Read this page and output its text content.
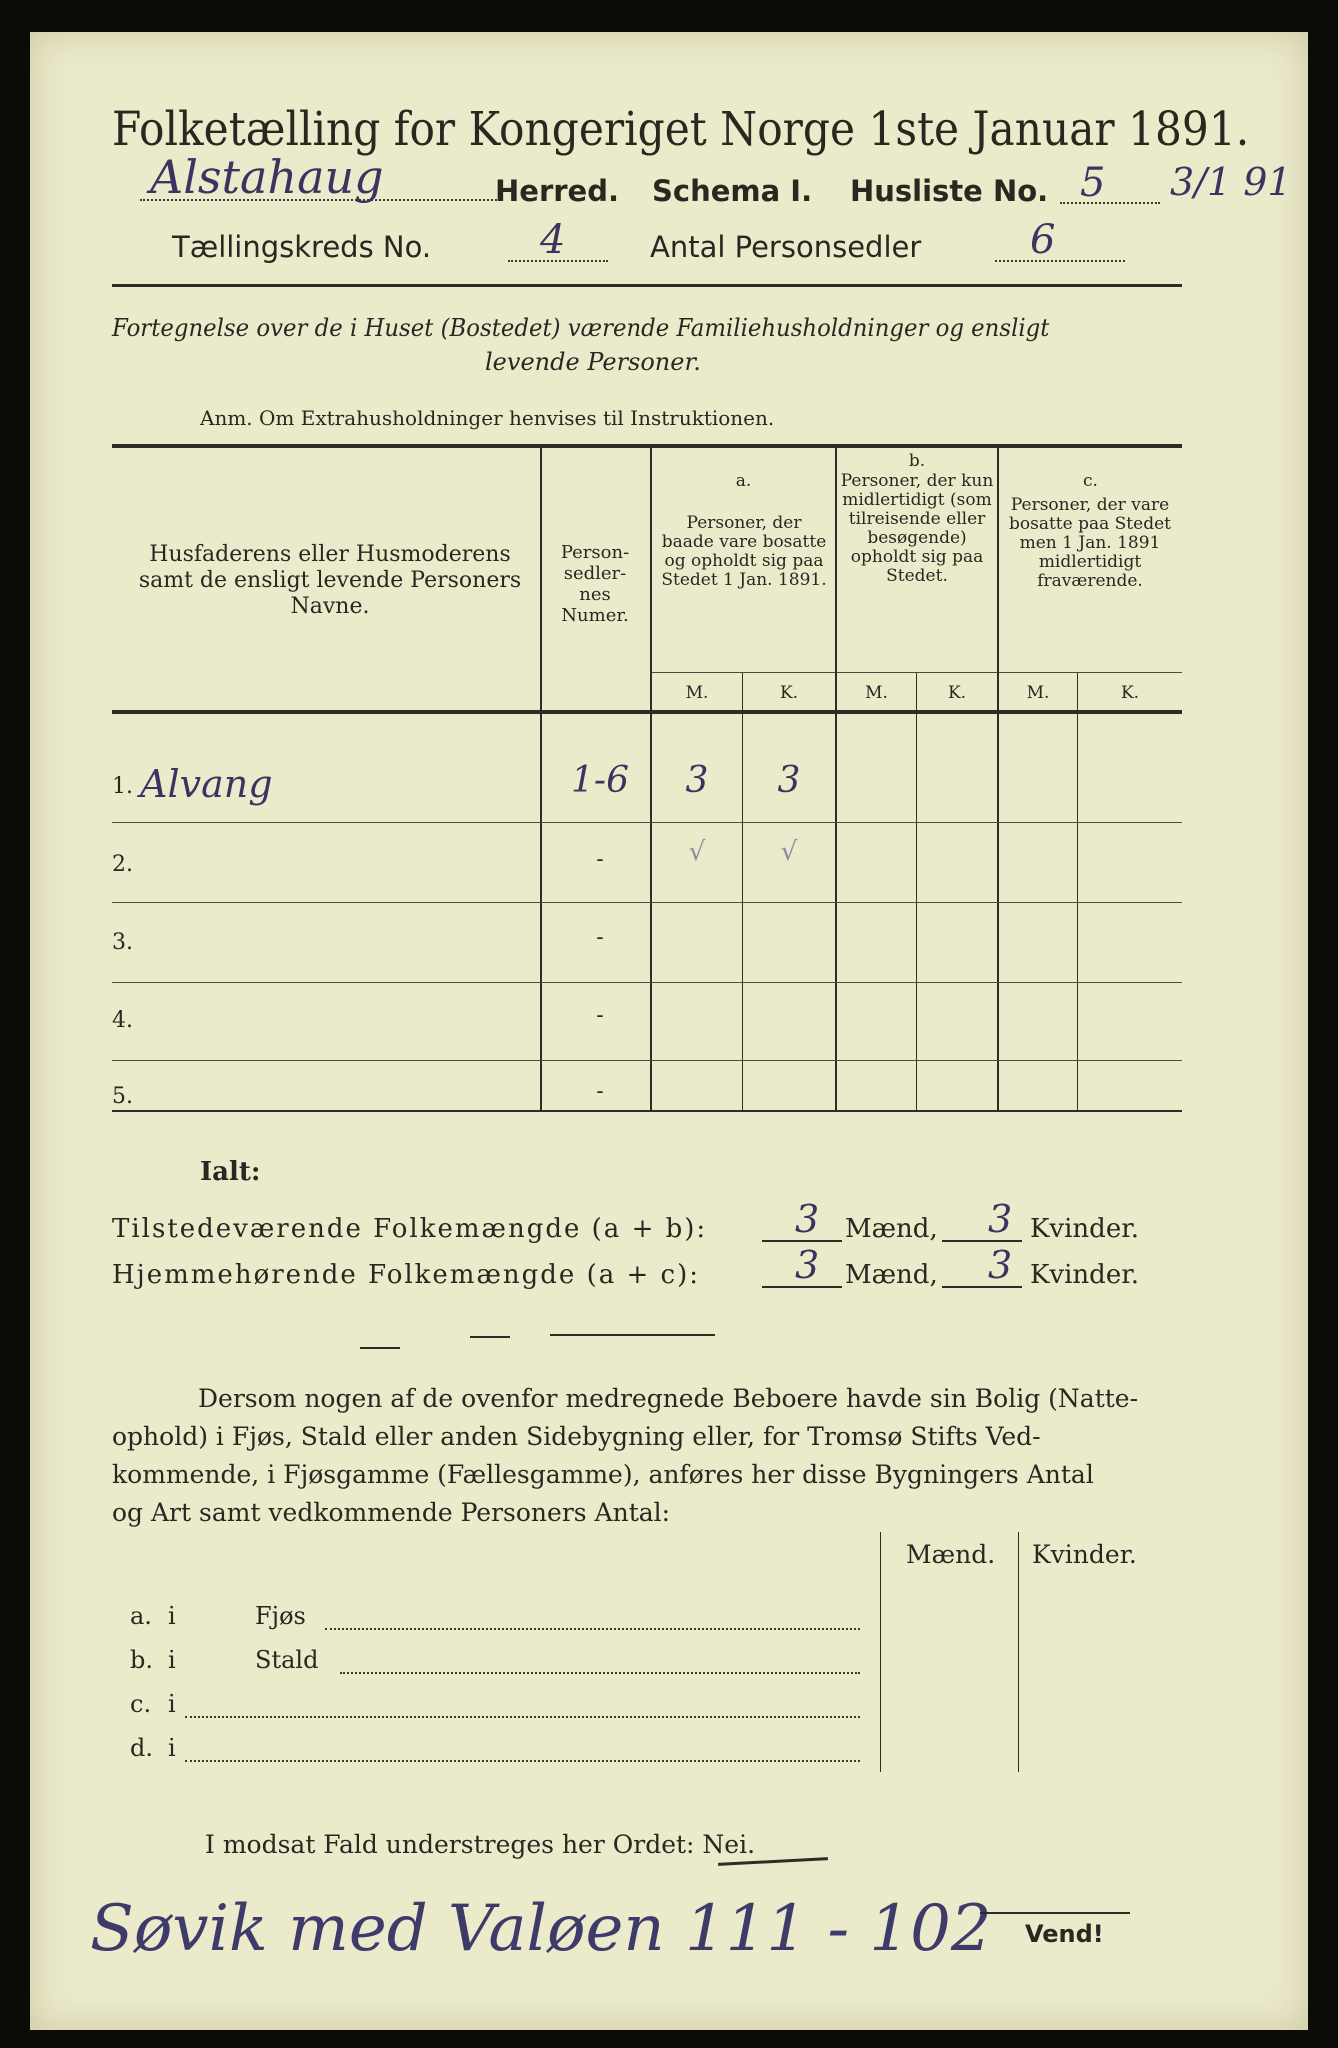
Folketælling for Kongeriget Norge 1ste Januar 1891.
Alstahaug	Herred. Schema I. Husliste No. 5 3/1 91
Tællingskreds No.	4	Antal Personsedler	6
Fortegnelse over de i Huset (Bostedet) værende Familiehusholdninger og ensligt
levende Personer.
Anm. Om Extrahusholdninger henvises til Instruktionen.
Husfaderens eller Husmoderens samt de ensligt levende Personers Navne.
Person-
sedler-
nes
Numer.
a.
Personer, der baade vare bosatte og opholdt sig paa Stedet 1 Jan. 1891.
b.
Personer, der kun midlertidigt (som tilreisende eller besøgende) opholdt sig paa Stedet.
c.
Personer, der vare bosatte paa Stedet men 1 Jan. 1891 midlertidigt fraværende.
M.	K.	M.	K.	M.	K.
1. Alvang	1-6	3	3
2.	-	√	√
3.	-
4.	-
5.	-
Ialt:
Tilstedeværende Folkemængde (a + b): 3 Mænd, 3 Kvinder.
Hjemmehørende Folkemængde (a + c):	3 Mænd, 3 Kvinder.
Dersom nogen af de ovenfor medregnede Beboere havde sin Bolig (Natte-
ophold) i Fjøs, Stald eller anden Sidebygning eller, for Tromsø Stifts Ved-
kommende, i Fjøsgamme (Fællesgamme), anføres her disse Bygningers Antal
og Art samt vedkommende Personers Antal:
Mænd. Kvinder.
a. i	Fjøs
b. i	Stald
c. i
d. i
I modsat Fald understreges her Ordet: Nei.
Søvik med Valøen 111 - 102 Vend!
